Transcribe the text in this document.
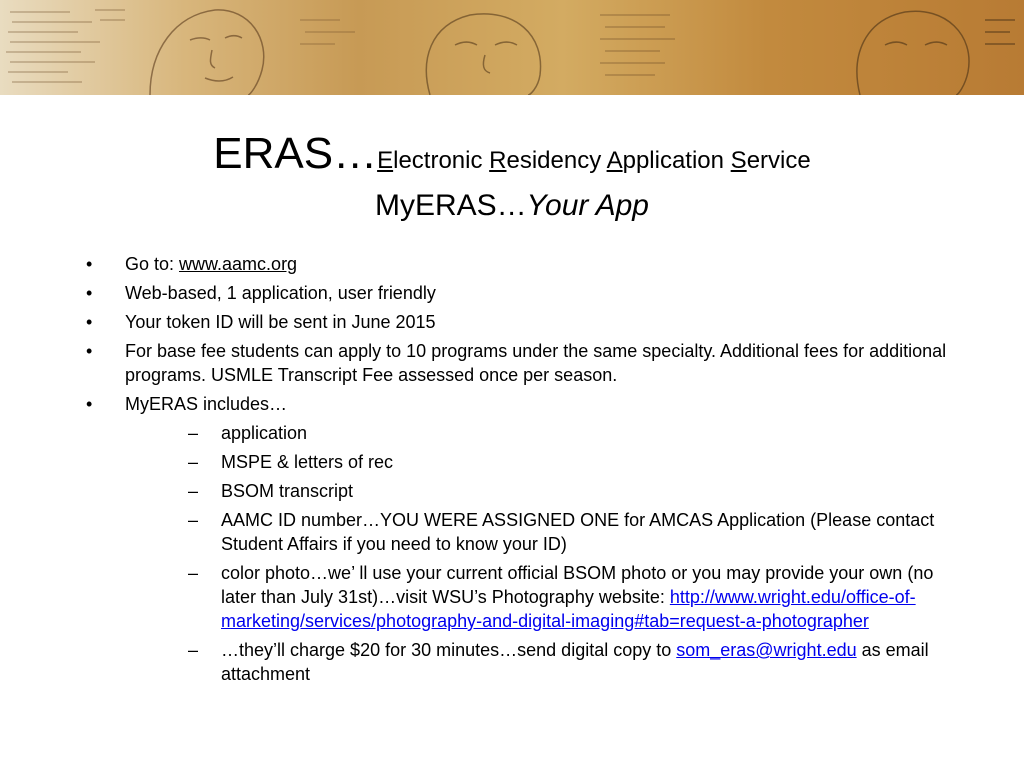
ERAS…Electronic Residency Application Service
MyERAS…Your App
• Go to: www.aamc.org
• Web-based, 1 application, user friendly
• Your token ID will be sent in June 2015
• For base fee students can apply to 10 programs under the same specialty. Additional fees for additional programs. USMLE Transcript Fee assessed once per season.
• MyERAS includes…
– application
– MSPE & letters of rec
– BSOM transcript
– AAMC ID number…YOU WERE ASSIGNED ONE for AMCAS Application (Please contact Student Affairs if you need to know your ID)
– color photo…we’ ll use your current official BSOM photo or you may provide your own (no later than July 31st)…visit WSU’s Photography website: http://www.wright.edu/office-of-marketing/services/photography-and-digital-imaging#tab=request-a-photographer
– …they’ll charge $20 for 30 minutes…send digital copy to som_eras@wright.edu as email attachment
